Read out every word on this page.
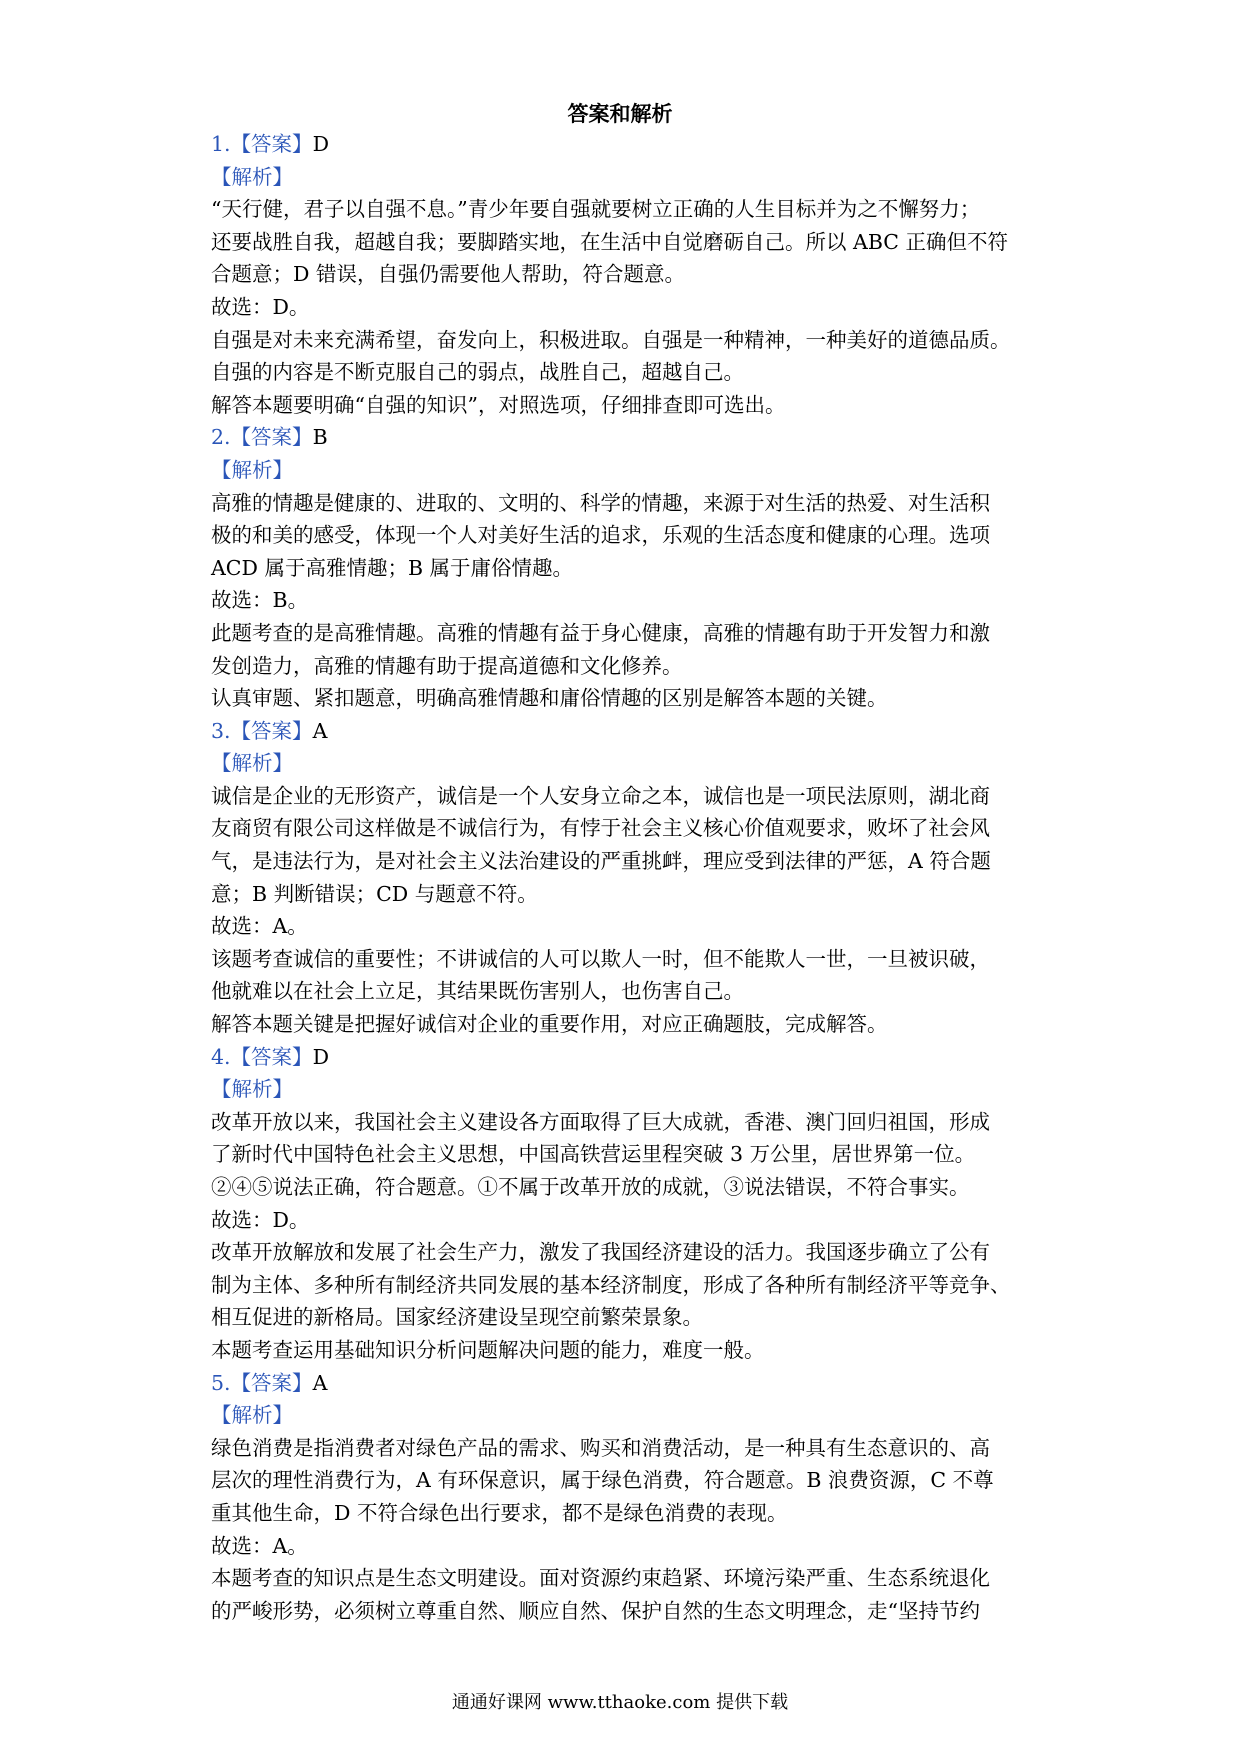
答案和解析
1.【答案】D
【解析】
“天行健，君子以自强不息。”青少年要自强就要树立正确的人生目标并为之不懈努力；
还要战胜自我，超越自我；要脚踏实地，在生活中自觉磨砺自己。所以 ABC 正确但不符
合题意；D 错误，自强仍需要他人帮助，符合题意。
故选：D。
自强是对未来充满希望，奋发向上，积极进取。自强是一种精神，一种美好的道德品质。
自强的内容是不断克服自己的弱点，战胜自己，超越自己。
解答本题要明确“自强的知识”，对照选项，仔细排查即可选出。
2.【答案】B
【解析】
高雅的情趣是健康的、进取的、文明的、科学的情趣，来源于对生活的热爱、对生活积
极的和美的感受，体现一个人对美好生活的追求，乐观的生活态度和健康的心理。选项
ACD 属于高雅情趣；B 属于庸俗情趣。
故选：B。
此题考查的是高雅情趣。高雅的情趣有益于身心健康，高雅的情趣有助于开发智力和激
发创造力，高雅的情趣有助于提高道德和文化修养。
认真审题、紧扣题意，明确高雅情趣和庸俗情趣的区别是解答本题的关键。
3.【答案】A
【解析】
诚信是企业的无形资产，诚信是一个人安身立命之本，诚信也是一项民法原则，湖北商
友商贸有限公司这样做是不诚信行为，有悖于社会主义核心价值观要求，败坏了社会风
气，是违法行为，是对社会主义法治建设的严重挑衅，理应受到法律的严惩，A 符合题
意；B 判断错误；CD 与题意不符。
故选：A。
该题考查诚信的重要性；不讲诚信的人可以欺人一时，但不能欺人一世，一旦被识破，
他就难以在社会上立足，其结果既伤害别人，也伤害自己。
解答本题关键是把握好诚信对企业的重要作用，对应正确题肢，完成解答。
4.【答案】D
【解析】
改革开放以来，我国社会主义建设各方面取得了巨大成就，香港、澳门回归祖国，形成
了新时代中国特色社会主义思想，中国高铁营运里程突破 3 万公里，居世界第一位。
②④⑤说法正确，符合题意。①不属于改革开放的成就，③说法错误，不符合事实。
故选：D。
改革开放解放和发展了社会生产力，激发了我国经济建设的活力。我国逐步确立了公有
制为主体、多种所有制经济共同发展的基本经济制度，形成了各种所有制经济平等竞争、
相互促进的新格局。国家经济建设呈现空前繁荣景象。
本题考查运用基础知识分析问题解决问题的能力，难度一般。
5.【答案】A
【解析】
绿色消费是指消费者对绿色产品的需求、购买和消费活动，是一种具有生态意识的、高
层次的理性消费行为，A 有环保意识，属于绿色消费，符合题意。B 浪费资源，C 不尊
重其他生命，D 不符合绿色出行要求，都不是绿色消费的表现。
故选：A。
本题考查的知识点是生态文明建设。面对资源约束趋紧、环境污染严重、生态系统退化
的严峻形势，必须树立尊重自然、顺应自然、保护自然的生态文明理念，走“坚持节约
通通好课网 www.tthaoke.com 提供下载
